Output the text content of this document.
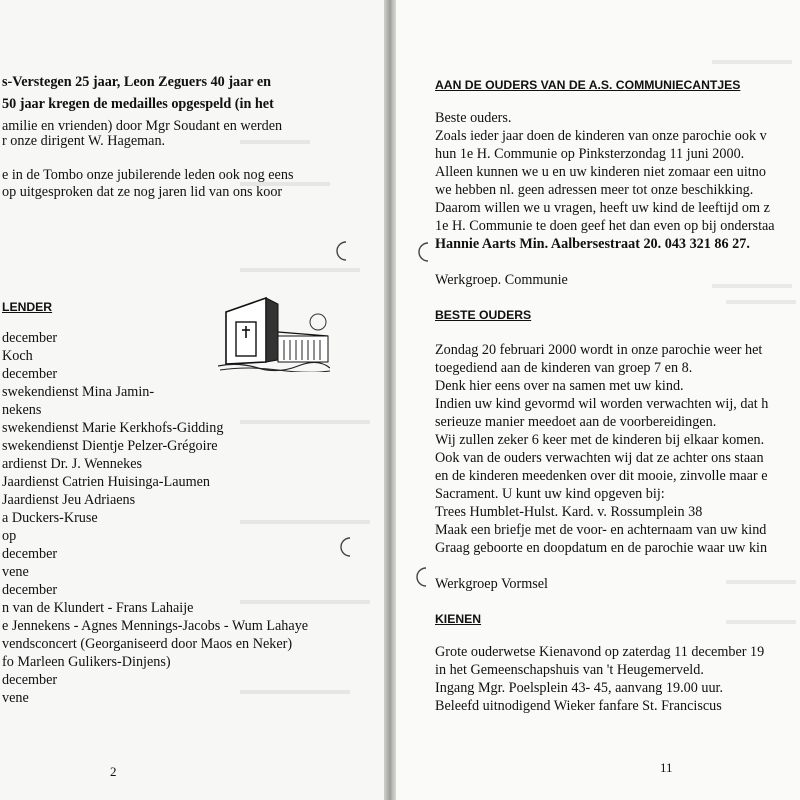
s-Verstegen 25 jaar, Leon Zeguers 40 jaar en
50 jaar kregen de medailles opgespeld (in het
amilie en vrienden) door Mgr Soudant en werden
r onze dirigent W. Hageman.
e in de Tombo onze jubilerende leden ook nog eens
op uitgesproken dat ze nog jaren lid van ons koor
LENDER
december
Koch
december
swekendienst Mina Jamin-
nekens
swekendienst Marie Kerkhofs-Gidding
swekendienst Dientje Pelzer-Grégoire
ardienst Dr. J. Wennekes
Jaardienst Catrien Huisinga-Laumen
Jaardienst Jeu Adriaens
a Duckers-Kruse
op
december
vene
december
n van de Klundert - Frans Lahaije
e Jennekens - Agnes Mennings-Jacobs - Wum Lahaye
vendsconcert (Georganiseerd door Maos en Neker)
fo Marleen Gulikers-Dinjens)
december
vene
2
AAN DE OUDERS VAN DE A.S. COMMUNIECANTJES
Beste ouders.
Zoals ieder jaar doen de kinderen van onze parochie ook v
hun 1e H. Communie op Pinksterzondag 11 juni 2000.
Alleen kunnen we u en uw kinderen niet zomaar een uitno
we hebben nl. geen adressen meer tot onze beschikking.
Daarom willen we u vragen, heeft uw kind de leeftijd om z
1e H. Communie te doen geef het dan even op bij onderstaa
Hannie Aarts Min. Aalbersestraat 20. 043 321 86 27.
Werkgroep. Communie
BESTE OUDERS
Zondag 20 februari 2000 wordt in onze parochie weer het
toegediend aan de kinderen van groep 7 en 8.
Denk hier eens over na samen met uw kind.
Indien uw kind gevormd wil worden verwachten wij, dat h
serieuze manier meedoet aan de voorbereidingen.
Wij zullen zeker 6 keer met de kinderen bij elkaar komen.
Ook van de ouders verwachten wij dat ze achter ons staan
en de kinderen meedenken over dit mooie, zinvolle maar e
Sacrament. U kunt uw kind opgeven bij:
Trees Humblet-Hulst. Kard. v. Rossumplein 38
Maak een briefje met de voor- en achternaam van uw kind
Graag geboorte en doopdatum en de parochie waar uw kin
Werkgroep Vormsel
KIENEN
Grote ouderwetse Kienavond op zaterdag 11 december 19
in het Gemeenschapshuis van 't Heugemerveld.
Ingang Mgr. Poelsplein 43- 45, aanvang 19.00 uur.
Beleefd uitnodigend Wieker fanfare St. Franciscus
11
